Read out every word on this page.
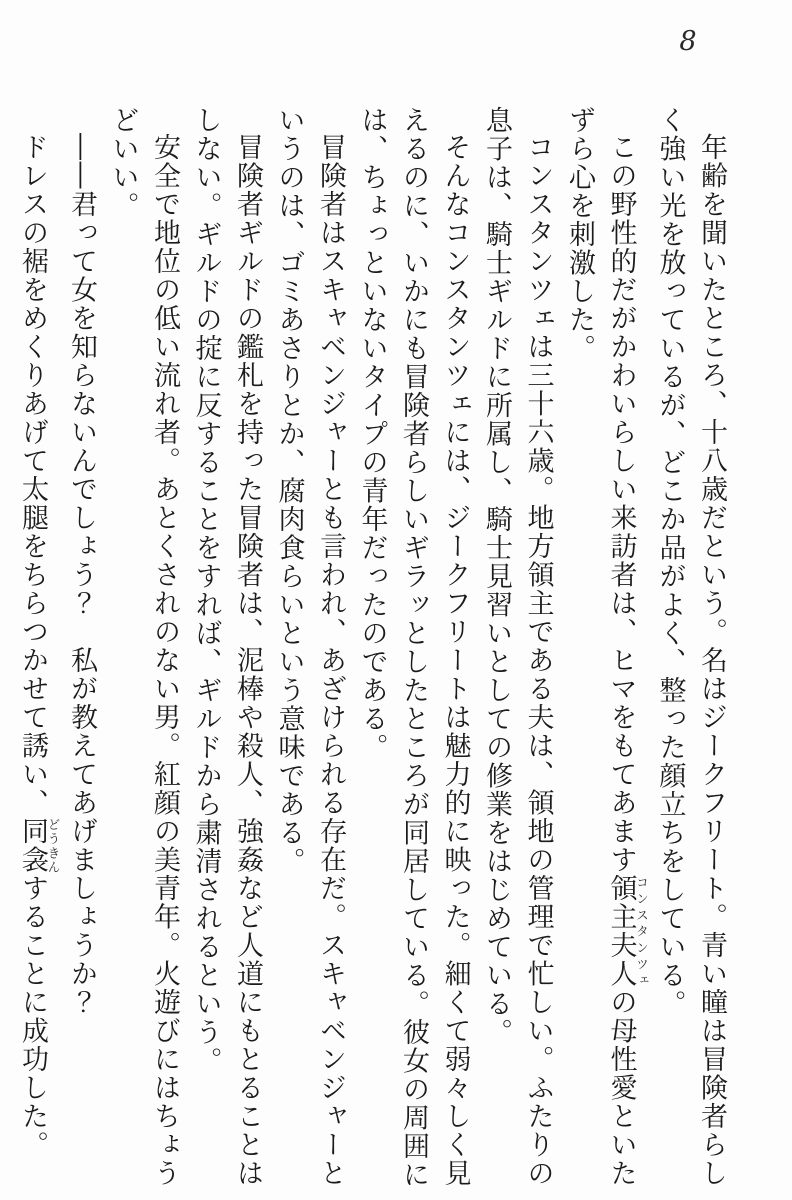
8

年齢を聞いたところ、十八歳だという。名はジークフリート。青い瞳は冒険者らしく強い光を放っているが、どこか品がよく、整った顔立ちをしている。

この野性的だがかわいらしい来訪者は、ヒマをもてあます領主夫人コンスタンツェの母性愛といたずら心を刺激した。

コンスタンツェは三十六歳。地方領主である夫は、領地の管理で忙しい。ふたりの息子は、騎士ギルドに所属し、騎士見習いとしての修業をはじめている。

そんなコンスタンツェには、ジークフリートは魅力的に映った。細くて弱々しく見えるのに、いかにも冒険者らしいギラッとしたところが同居している。彼女の周囲には、ちょっといないタイプの青年だったのである。

冒険者はスキャベンジャーとも言われ、あざけられる存在だ。スキャベンジャーというのは、ゴミあさりとか、腐肉食らいという意味である。

冒険者ギルドの鑑札を持った冒険者は、泥棒や殺人、強姦など人道にもとることはしない。ギルドの掟に反することをすれば、ギルドから粛清されるという。

安全で地位の低い流れ者。あとくされのない男。紅顔の美青年。火遊びにはちょうどいい。

――君って女を知らないんでしょう？　私が教えてあげましょうか？

ドレスの裾をめくりあげて太腿をちらつかせて誘い、同衾どうきんすることに成功した。
